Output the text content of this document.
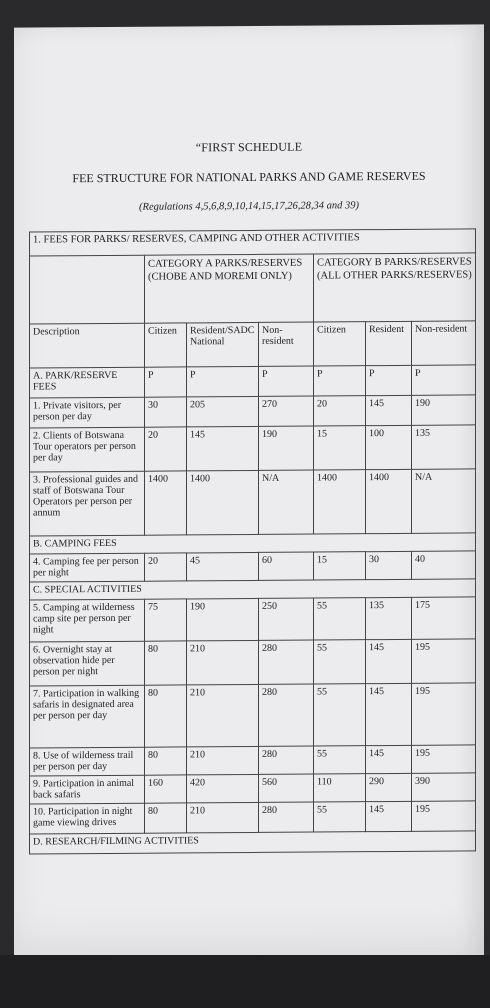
“FIRST SCHEDULE
FEE STRUCTURE FOR NATIONAL PARKS AND GAME RESERVES
(Regulations 4,5,6,8,9,10,14,15,17,26,28,34 and 39)
1. FEES FOR PARKS/ RESERVES, CAMPING AND OTHER ACTIVITIES						
	CATEGORY A PARKS/RESERVES (CHOBE AND MOREMI ONLY)			CATEGORY B PARKS/RESERVES (ALL OTHER PARKS/RESERVES)		
Description	Citizen	Resident/SADC National	Non-resident	Citizen	Resident	Non-resident
A. PARK/RESERVE FEES	P	P	P	P	P	P
1. Private visitors, per person per day	30	205	270	20	145	190
2. Clients of Botswana Tour operators per person per day	20	145	190	15	100	135
3. Professional guides and staff of Botswana Tour Operators per person per annum	1400	1400	N/A	1400	1400	N/A
B. CAMPING FEES						
4. Camping fee per person per night	20	45	60	15	30	40
C. SPECIAL ACTIVITIES						
5. Camping at wilderness camp site per person per night	75	190	250	55	135	175
6. Overnight stay at observation hide per person per night	80	210	280	55	145	195
7. Participation in walking safaris in designated area per person per day	80	210	280	55	145	195
8. Use of wilderness trail per person per day	80	210	280	55	145	195
9. Participation in animal back safaris	160	420	560	110	290	390
10. Participation in night game viewing drives	80	210	280	55	145	195
D. RESEARCH/FILMING ACTIVITIES						
